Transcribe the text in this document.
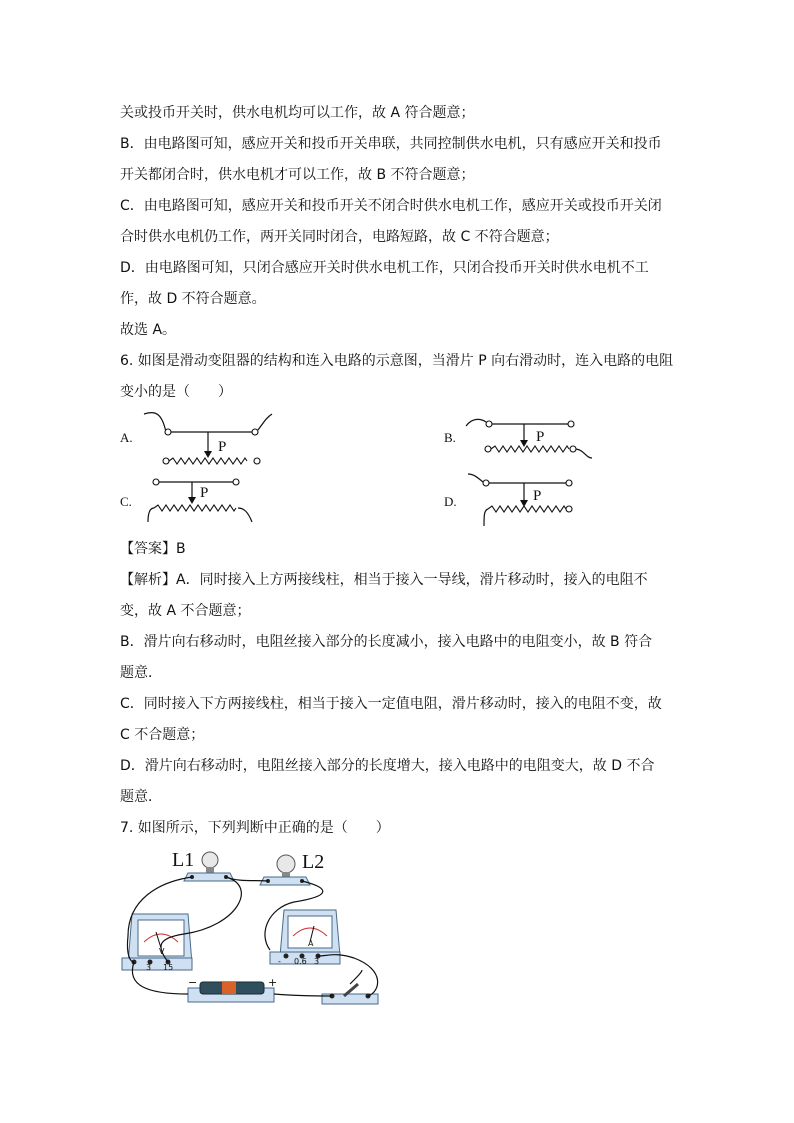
关或投币开关时，供水电机均可以工作，故 A 符合题意；
B．由电路图可知，感应开关和投币开关串联，共同控制供水电机，只有感应开关和投币
开关都闭合时，供水电机才可以工作，故 B 不符合题意；
C．由电路图可知，感应开关和投币开关不闭合时供水电机工作，感应开关或投币开关闭
合时供水电机仍工作，两开关同时闭合，电路短路，故 C 不符合题意；
D．由电路图可知，只闭合感应开关时供水电机工作，只闭合投币开关时供水电机不工
作，故 D 不符合题意。
故选 A。
6. 如图是滑动变阻器的结构和连入电路的示意图，当滑片 P 向右滑动时，连入电路的电阻
变小的是（　　）
A.	B.
C.	D.
P
P
P	P
【答案】B
【解析】A．同时接入上方两接线柱，相当于接入一导线，滑片移动时，接入的电阻不
变，故 A 不合题意；
B．滑片向右移动时，电阻丝接入部分的长度减小，接入电路中的电阻变小，故 B 符合
题意．
C．同时接入下方两接线柱，相当于接入一定值电阻，滑片移动时，接入的电阻不变，故
C 不合题意；
D．滑片向右移动时，电阻丝接入部分的长度增大，接入电路中的电阻变大，故 D 不合
题意．
7. 如图所示，下列判断中正确的是（　　）
L1	L2
V
3 15
A
- 0.6 3
−	+
